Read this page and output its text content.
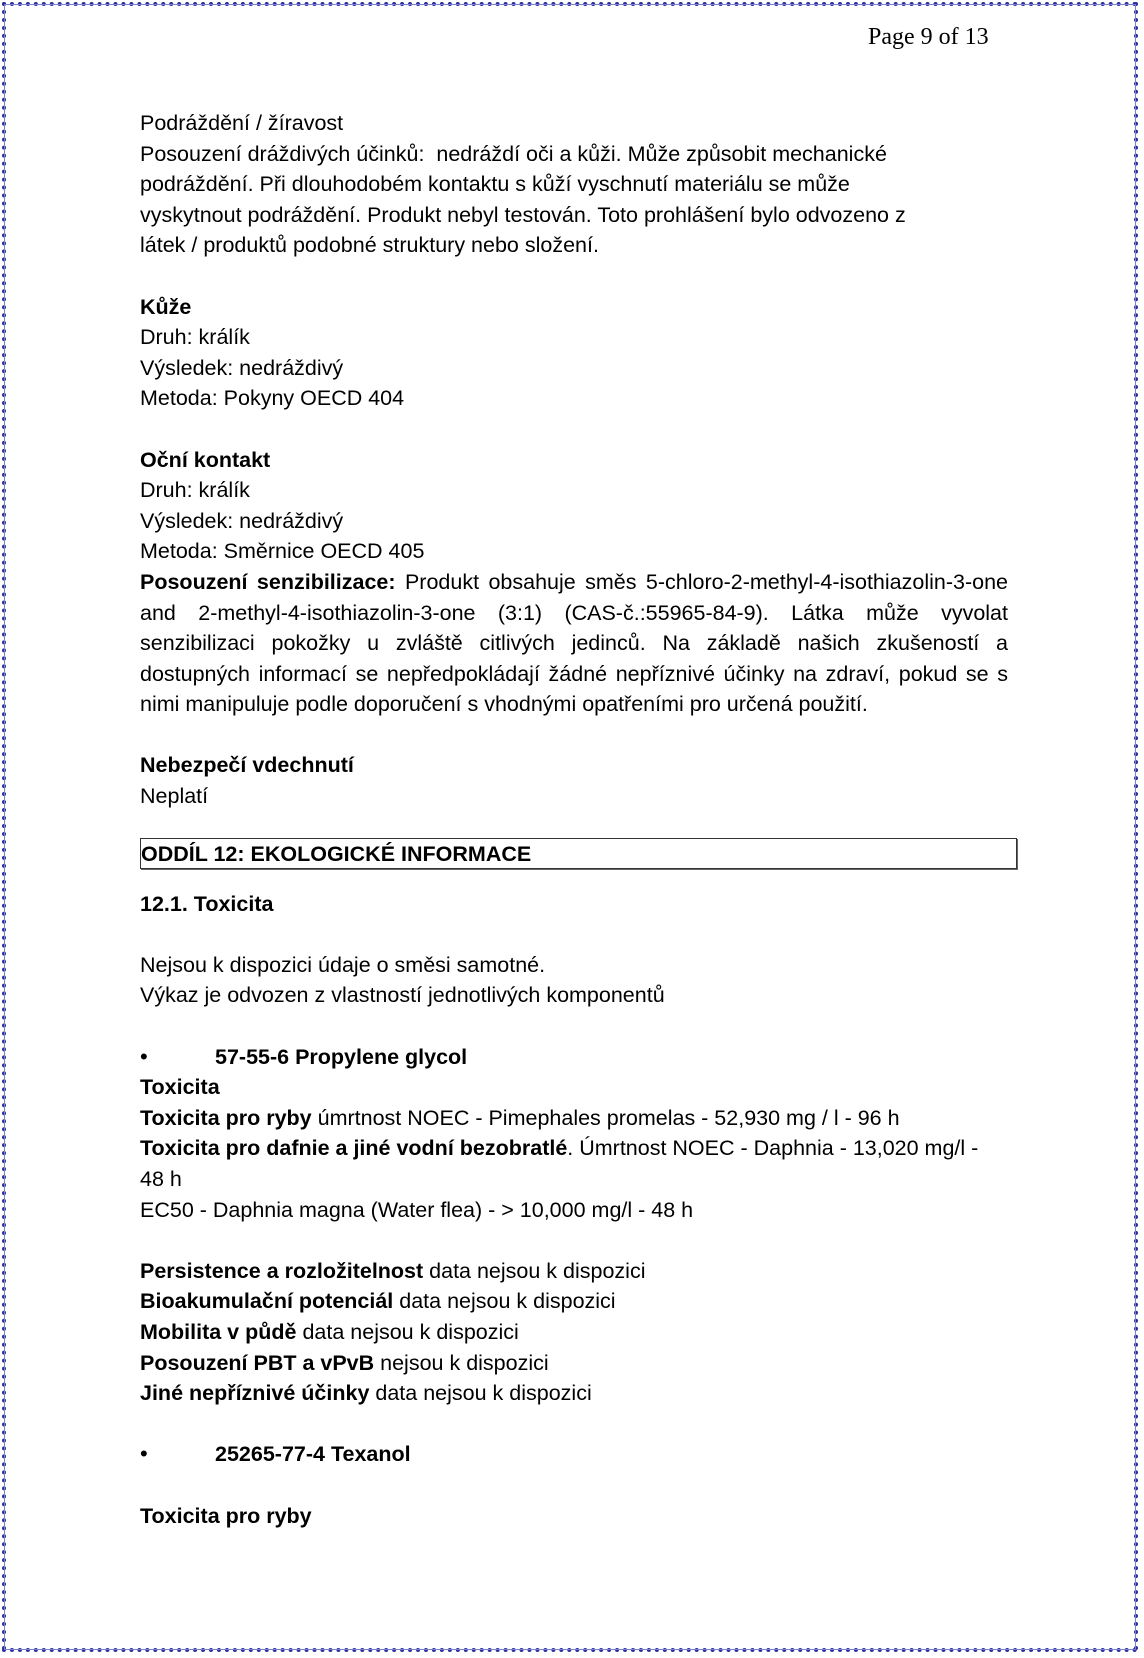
Page 9 of 13
Podráždění / žíravost
Posouzení dráždivých účinků:  nedráždí oči a kůži. Může způsobit mechanické
podráždění. Při dlouhodobém kontaktu s kůží vyschnutí materiálu se může
vyskytnout podráždění. Produkt nebyl testován. Toto prohlášení bylo odvozeno z
látek / produktů podobné struktury nebo složení.
Kůže
Druh: králík
Výsledek: nedráždivý
Metoda: Pokyny OECD 404
Oční kontakt
Druh: králík
Výsledek: nedráždivý
Metoda: Směrnice OECD 405
Posouzení senzibilizace: Produkt obsahuje směs 5-chloro-2-methyl-4-isothiazolin-3-one and 2-methyl-4-isothiazolin-3-one (3:1) (CAS-č.:55965-84-9). Látka může vyvolat senzibilizaci pokožky u zvláště citlivých jedinců. Na základě našich zkušeností a dostupných informací se nepředpokládají žádné nepříznivé účinky na zdraví, pokud se s nimi manipuluje podle doporučení s vhodnými opatřeními pro určená použití.
Nebezpečí vdechnutí
Neplatí
ODDÍL 12: EKOLOGICKÉ INFORMACE
12.1. Toxicita
Nejsou k dispozici údaje o směsi samotné.
Výkaz je odvozen z vlastností jednotlivých komponentů
•	57-55-6 Propylene glycol
Toxicita
Toxicita pro ryby úmrtnost NOEC - Pimephales promelas - 52,930 mg / l - 96 h
Toxicita pro dafnie a jiné vodní bezobratlé. Úmrtnost NOEC - Daphnia - 13,020 mg/l - 48 h
EC50 - Daphnia magna (Water flea) - > 10,000 mg/l - 48 h
Persistence a rozložitelnost data nejsou k dispozici
Bioakumulační potenciál data nejsou k dispozici
Mobilita v půdě data nejsou k dispozici
Posouzení PBT a vPvB nejsou k dispozici
Jiné nepříznivé účinky data nejsou k dispozici
•	25265-77-4 Texanol
Toxicita pro ryby
